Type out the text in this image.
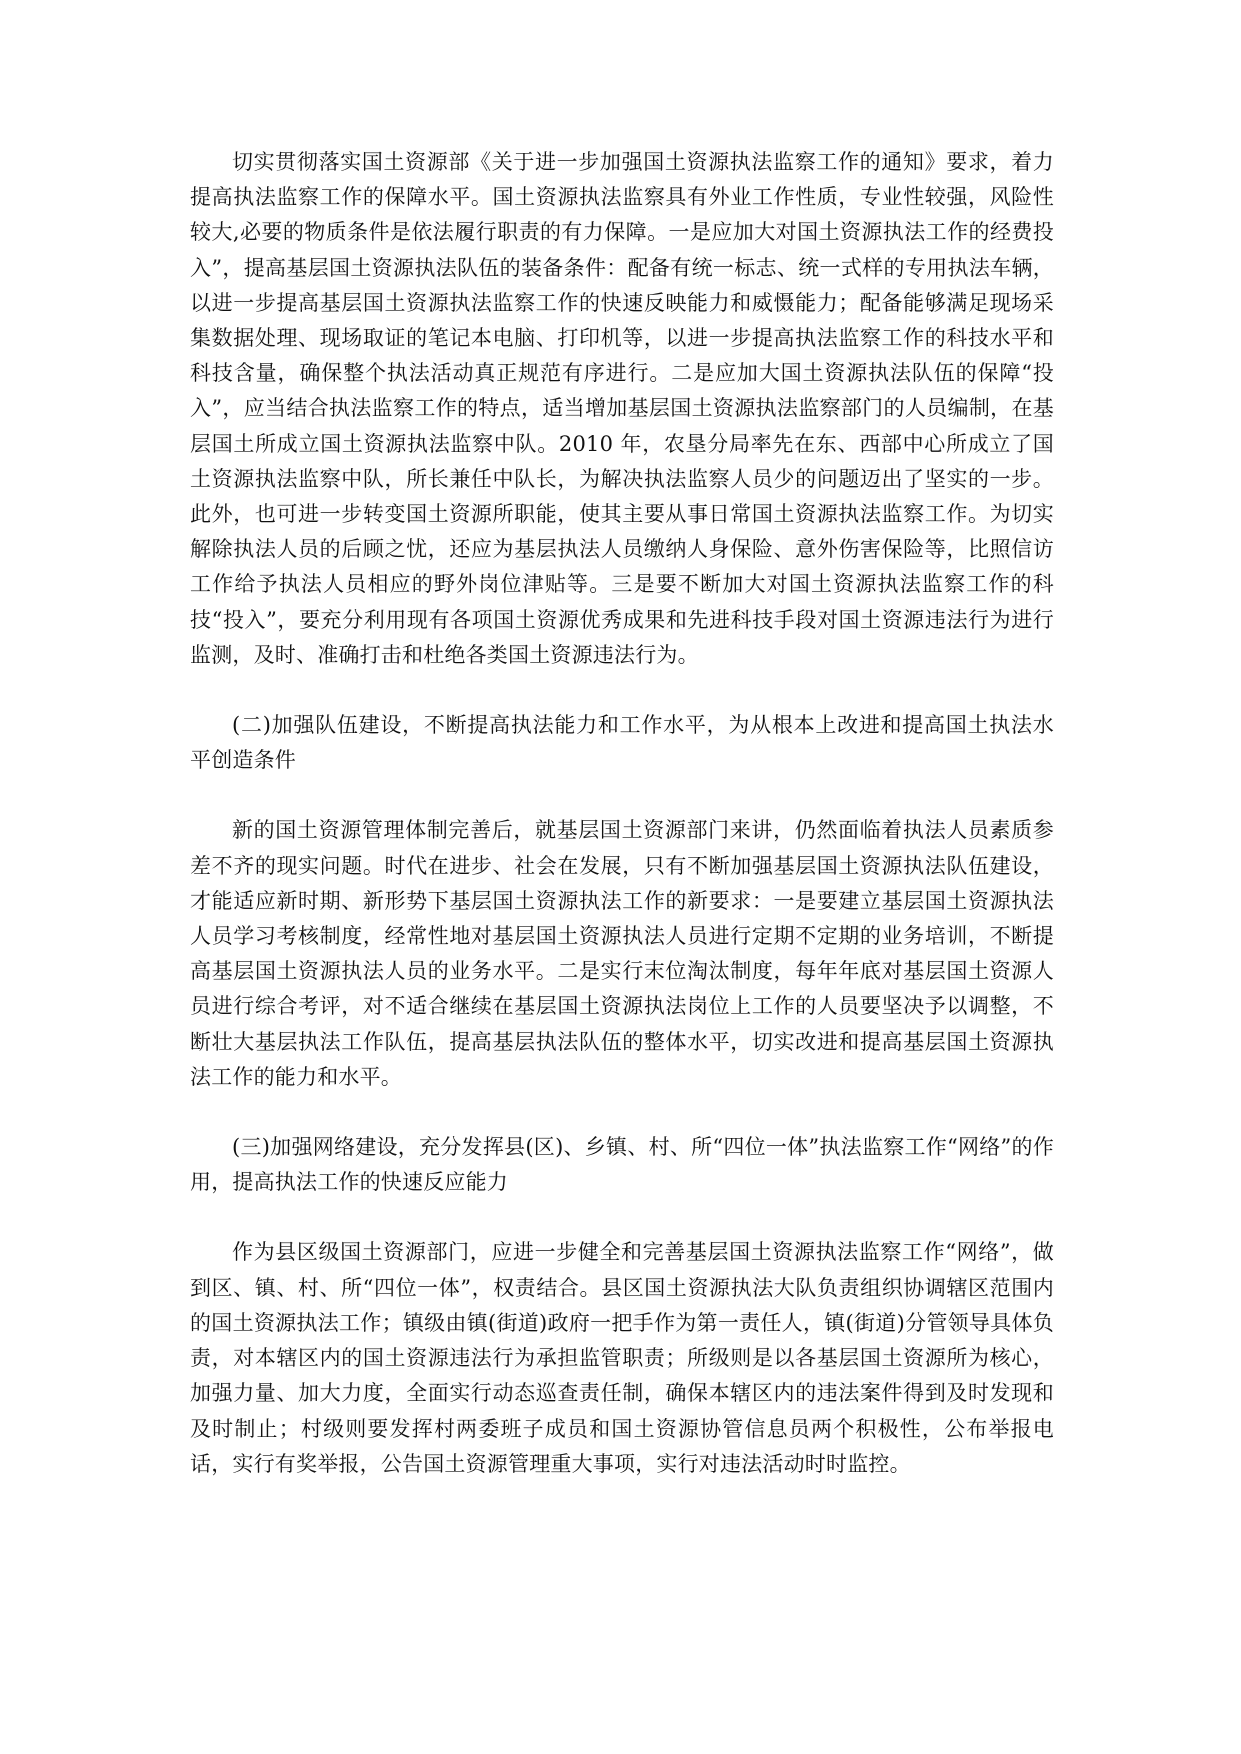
切实贯彻落实国土资源部《关于进一步加强国土资源执法监察工作的通知》要求，着力提高执法监察工作的保障水平。国土资源执法监察具有外业工作性质，专业性较强，风险性较大,必要的物质条件是依法履行职责的有力保障。一是应加大对国土资源执法工作的经费投入”，提高基层国土资源执法队伍的装备条件：配备有统一标志、统一式样的专用执法车辆，以进一步提高基层国土资源执法监察工作的快速反映能力和威慑能力；配备能够满足现场采集数据处理、现场取证的笔记本电脑、打印机等，以进一步提高执法监察工作的科技水平和科技含量，确保整个执法活动真正规范有序进行。二是应加大国土资源执法队伍的保障“投入”，应当结合执法监察工作的特点，适当增加基层国土资源执法监察部门的人员编制，在基层国土所成立国土资源执法监察中队。2010 年，农垦分局率先在东、西部中心所成立了国土资源执法监察中队，所长兼任中队长，为解决执法监察人员少的问题迈出了坚实的一步。此外，也可进一步转变国土资源所职能，使其主要从事日常国土资源执法监察工作。为切实解除执法人员的后顾之忧，还应为基层执法人员缴纳人身保险、意外伤害保险等，比照信访工作给予执法人员相应的野外岗位津贴等。三是要不断加大对国土资源执法监察工作的科技“投入”，要充分利用现有各项国土资源优秀成果和先进科技手段对国土资源违法行为进行监测，及时、准确打击和杜绝各类国土资源违法行为。

(二)加强队伍建设，不断提高执法能力和工作水平，为从根本上改进和提高国土执法水平创造条件

新的国土资源管理体制完善后，就基层国土资源部门来讲，仍然面临着执法人员素质参差不齐的现实问题。时代在进步、社会在发展，只有不断加强基层国土资源执法队伍建设，才能适应新时期、新形势下基层国土资源执法工作的新要求：一是要建立基层国土资源执法人员学习考核制度，经常性地对基层国土资源执法人员进行定期不定期的业务培训，不断提高基层国土资源执法人员的业务水平。二是实行末位淘汰制度，每年年底对基层国土资源人员进行综合考评，对不适合继续在基层国土资源执法岗位上工作的人员要坚决予以调整，不断壮大基层执法工作队伍，提高基层执法队伍的整体水平，切实改进和提高基层国土资源执法工作的能力和水平。

(三)加强网络建设，充分发挥县(区)、乡镇、村、所“四位一体”执法监察工作“网络”的作用，提高执法工作的快速反应能力

作为县区级国土资源部门，应进一步健全和完善基层国土资源执法监察工作“网络”，做到区、镇、村、所“四位一体”，权责结合。县区国土资源执法大队负责组织协调辖区范围内的国土资源执法工作；镇级由镇(街道)政府一把手作为第一责任人，镇(街道)分管领导具体负责，对本辖区内的国土资源违法行为承担监管职责；所级则是以各基层国土资源所为核心，加强力量、加大力度，全面实行动态巡查责任制，确保本辖区内的违法案件得到及时发现和及时制止；村级则要发挥村两委班子成员和国土资源协管信息员两个积极性，公布举报电话，实行有奖举报，公告国土资源管理重大事项，实行对违法活动时时监控。
